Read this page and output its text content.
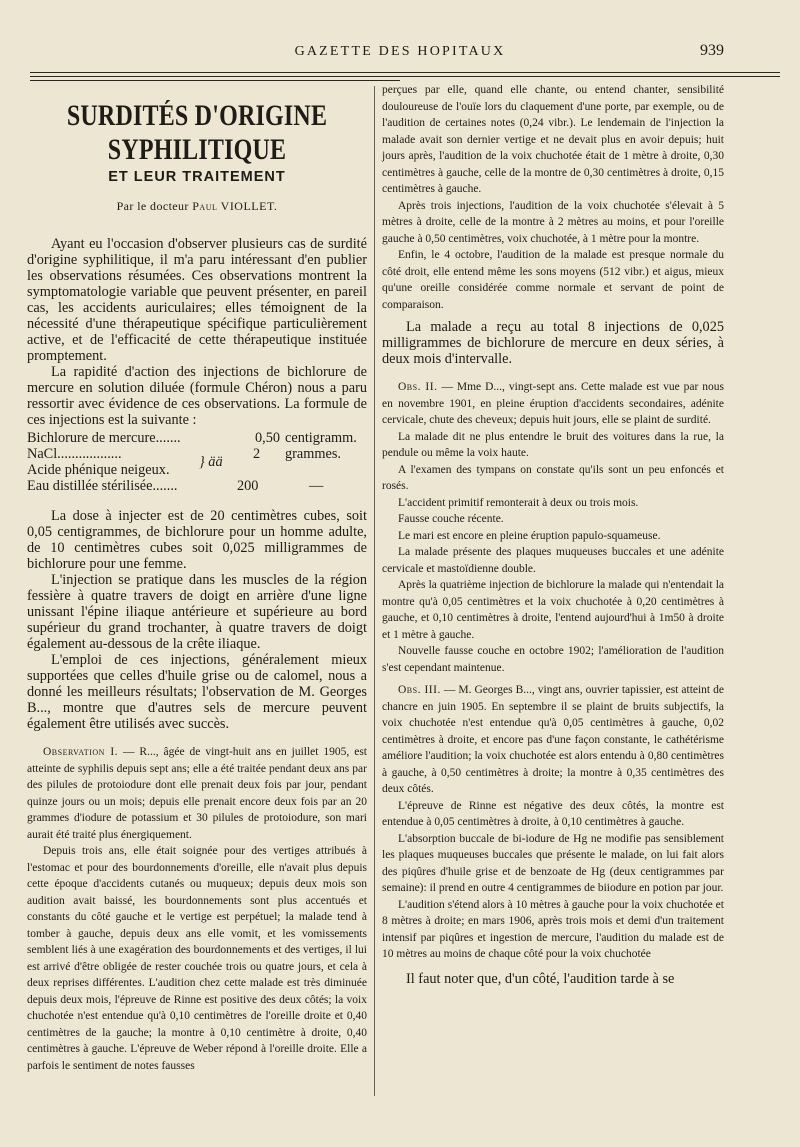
GAZETTE DES HOPITAUX	939
SURDITÉS D'ORIGINE SYPHILITIQUE
ET LEUR TRAITEMENT
Par le docteur Paul VIOLLET.

Ayant eu l'occasion d'observer plusieurs cas de surdité d'origine syphilitique, il m'a paru intéressant d'en publier les observations résumées. Ces observations montrent la symptomatologie variable que peuvent présenter, en pareil cas, les accidents auriculaires; elles témoignent de la nécessité d'une thérapeutique spécifique particulièrement active, et de l'efficacité de cette thérapeutique instituée promptement.

La rapidité d'action des injections de bichlorure de mercure en solution diluée (formule Chéron) nous a paru ressortir avec évidence de ces observations. La formule de ces injections est la suivante :

Bichlorure de mercure.......	0,50 centigramm.
NaCl..................	} ää 2 grammes.
Acide phénique neigeux.
Eau distillée stérilisée.......	200	—

La dose à injecter est de 20 centimètres cubes, soit 0,05 centigrammes, de bichlorure pour un homme adulte, de 10 centimètres cubes soit 0,025 milligrammes de bichlorure pour une femme.

L'injection se pratique dans les muscles de la région fessière à quatre travers de doigt en arrière d'une ligne unissant l'épine iliaque antérieure et supérieure au bord supérieur du grand trochanter, à quatre travers de doigt également au-dessous de la crête iliaque.

L'emploi de ces injections, généralement mieux supportées que celles d'huile grise ou de calomel, nous a donné les meilleurs résultats; l'observation de M. Georges B..., montre que d'autres sels de mercure peuvent également être utilisés avec succès.

Observation I. — R..., âgée de vingt-huit ans en juillet 1905, est atteinte de syphilis depuis sept ans; elle a été traitée pendant deux ans par des pilules de protoiodure dont elle prenait deux fois par jour, pendant quinze jours ou un mois; depuis elle prenait encore deux fois par an 20 grammes d'iodure de potassium et 30 pilules de protoiodure, son mari aurait été traité plus énergiquement.

Depuis trois ans, elle était soignée pour des vertiges attribués à l'estomac et pour des bourdonnements d'oreille, elle n'avait plus depuis cette époque d'accidents cutanés ou muqueux; depuis deux mois son audition avait baissé, les bourdonnements sont plus accentués et constants du côté gauche et le vertige est perpétuel; la malade tend à tomber à gauche, depuis deux ans elle vomit, et les vomissements semblent liés à une exagération des bourdonnements et des vertiges, il lui est arrivé d'être obligée de rester couchée trois ou quatre jours, et cela à deux reprises différentes. L'audition chez cette malade est très diminuée depuis deux mois, l'épreuve de Rinne est positive des deux côtés; la voix chuchotée n'est entendue qu'à 0,10 centimètres de l'oreille droite et 0,40 centimètres de la gauche; la montre à 0,10 centimètre à droite, 0,40 centimètres à gauche. L'épreuve de Weber répond à l'oreille droite. Elle a parfois le sentiment de notes fausses

perçues par elle, quand elle chante, ou entend chanter, sensibilité douloureuse de l'ouïe lors du claquement d'une porte, par exemple, ou de l'audition de certaines notes (0,24 vibr.). Le lendemain de l'injection la malade avait son dernier vertige et ne devait plus en avoir depuis; huit jours après, l'audition de la voix chuchotée était de 1 mètre à droite, 0,30 centimètres à gauche, celle de la montre de 0,30 centimètres à droite, 0,15 centimètres à gauche.

Après trois injections, l'audition de la voix chuchotée s'élevait à 5 mètres à droite, celle de la montre à 2 mètres au moins, et pour l'oreille gauche à 0,50 centimètres, voix chuchotée, à 1 mètre pour la montre.

Enfin, le 4 octobre, l'audition de la malade est presque normale du côté droit, elle entend même les sons moyens (512 vibr.) et aigus, mieux qu'une oreille considérée comme normale et servant de point de comparaison.

La malade a reçu au total 8 injections de 0,025 milligrammes de bichlorure de mercure en deux séries, à deux mois d'intervalle.

Obs. II. — Mme D..., vingt-sept ans. Cette malade est vue par nous en novembre 1901, en pleine éruption d'accidents secondaires, adénite cervicale, chute des cheveux; depuis huit jours, elle se plaint de surdité.

La malade dit ne plus entendre le bruit des voitures dans la rue, la pendule ou même la voix haute.

A l'examen des tympans on constate qu'ils sont un peu enfoncés et rosés.

L'accident primitif remonterait à deux ou trois mois.

Fausse couche récente.

Le mari est encore en pleine éruption papulo-squameuse.

La malade présente des plaques muqueuses buccales et une adénite cervicale et mastoïdienne double.

Après la quatrième injection de bichlorure la malade qui n'entendait la montre qu'à 0,05 centimètres et la voix chuchotée à 0,20 centimètres à gauche, et 0,10 centimètres à droite, l'entend aujourd'hui à 1m50 à droite et 1 mètre à gauche.

Nouvelle fausse couche en octobre 1902; l'amélioration de l'audition s'est cependant maintenue.

Obs. III. — M. Georges B..., vingt ans, ouvrier tapissier, est atteint de chancre en juin 1905. En septembre il se plaint de bruits subjectifs, la voix chuchotée n'est entendue qu'à 0,05 centimètres à gauche, 0,02 centimètres à droite, et encore pas d'une façon constante, le cathétérisme améliore l'audition; la voix chuchotée est alors entendu à 0,80 centimètres à gauche, à 0,50 centimètres à droite; la montre à 0,35 centimètres des deux côtés.

L'épreuve de Rinne est négative des deux côtés, la montre est entendue à 0,05 centimètres à droite, à 0,10 centimètres à gauche.

L'absorption buccale de bi-iodure de Hg ne modifie pas sensiblement les plaques muqueuses buccales que présente le malade, on lui fait alors des piqûres d'huile grise et de benzoate de Hg (deux centigrammes par semaine): il prend en outre 4 centigrammes de biiodure en potion par jour.

L'audition s'étend alors à 10 mètres à gauche pour la voix chuchotée et 8 mètres à droite; en mars 1906, après trois mois et demi d'un traitement intensif par piqûres et ingestion de mercure, l'audition du malade est de 10 mètres au moins de chaque côté pour la voix chuchotée

Il faut noter que, d'un côté, l'audition tarde à se
